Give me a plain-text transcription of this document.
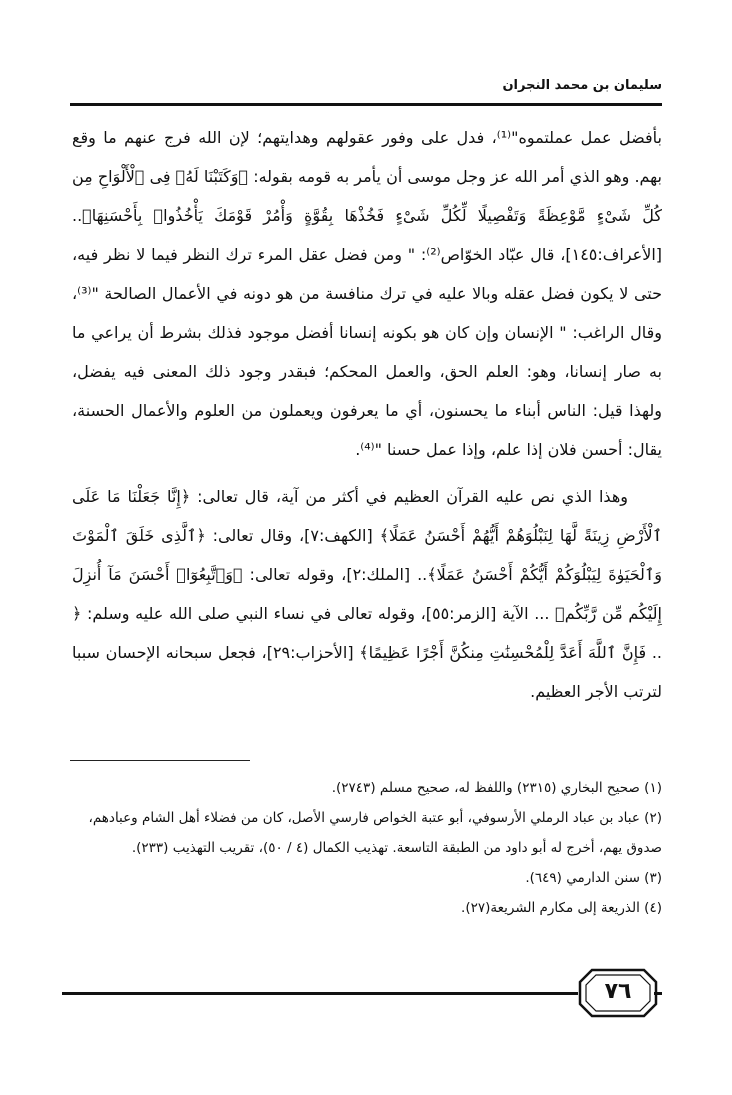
سليمان بن محمد النجران

بأفضل عمل عملتموه"⁽¹⁾، فدل على وفور عقولهم وهدايتهم؛ لإن الله فرج عنهم ما وقع بهم. وهو الذي أمر الله عز وجل موسى أن يأمر به قومه بقوله: ﴿وَكَتَبْنَا لَهُۥ فِى ٱلْأَلْوَاحِ مِن كُلِّ شَىْءٍ مَّوْعِظَةً وَتَفْصِيلًا لِّكُلِّ شَىْءٍ فَخُذْهَا بِقُوَّةٍ وَأْمُرْ قَوْمَكَ يَأْخُذُوا۟ بِأَحْسَنِهَا﴾.. [الأعراف:١٤٥]، قال عبّاد الخوّاص⁽²⁾: " ومن فضل عقل المرء ترك النظر فيما لا نظر فيه، حتى لا يكون فضل عقله وبالا عليه في ترك منافسة من هو دونه في الأعمال الصالحة "⁽³⁾، وقال الراغب: " الإنسان وإن كان هو بكونه إنسانا أفضل موجود فذلك بشرط أن يراعي ما به صار إنسانا، وهو: العلم الحق، والعمل المحكم؛ فبقدر وجود ذلك المعنى فيه يفضل، ولهذا قيل: الناس أبناء ما يحسنون، أي ما يعرفون ويعملون من العلوم والأعمال الحسنة، يقال: أحسن فلان إذا علم، وإذا عمل حسنا "⁽⁴⁾.

وهذا الذي نص عليه القرآن العظيم في أكثر من آية، قال تعالى: ﴿إِنَّا جَعَلْنَا مَا عَلَى ٱلْأَرْضِ زِينَةً لَّهَا لِنَبْلُوَهُمْ أَيُّهُمْ أَحْسَنُ عَمَلًا﴾ [الكهف:٧]، وقال تعالى: ﴿ٱلَّذِى خَلَقَ ٱلْمَوْتَ وَٱلْحَيَوٰةَ لِيَبْلُوَكُمْ أَيُّكُمْ أَحْسَنُ عَمَلًا﴾.. [الملك:٢]، وقوله تعالى: ﴿وَٱتَّبِعُوٓا۟ أَحْسَنَ مَآ أُنزِلَ إِلَيْكُم مِّن رَّبِّكُم﴾ ... الآية [الزمر:٥٥]، وقوله تعالى في نساء النبي صلى الله عليه وسلم: ﴿ .. فَإِنَّ ٱللَّهَ أَعَدَّ لِلْمُحْسِنَٰتِ مِنكُنَّ أَجْرًا عَظِيمًا﴾ [الأحزاب:٢٩]، فجعل سبحانه الإحسان سببا لترتب الأجر العظيم.

(١) صحيح البخاري (٢٣١٥) واللفظ له، صحيح مسلم (٢٧٤٣).

(٢) عباد بن عباد الرملي الأرسوفي، أبو عتبة الخواص فارسي الأصل، كان من فضلاء أهل الشام وعبادهم، صدوق يهم، أخرج له أبو داود من الطبقة التاسعة. تهذيب الكمال (٤ / ٥٠)، تقريب التهذيب (٢٣٣).

(٣) سنن الدارمي (٦٤٩).

(٤) الذريعة إلى مكارم الشريعة(٢٧).

٧٦
